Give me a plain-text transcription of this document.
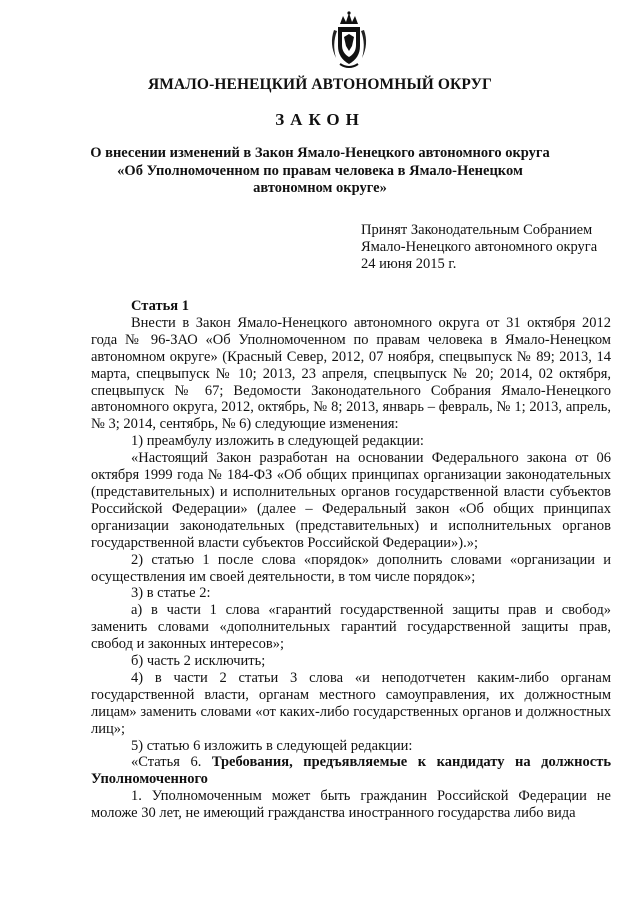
ЯМАЛО-НЕНЕЦКИЙ АВТОНОМНЫЙ ОКРУГ
ЗАКОН
О внесении изменений в Закон Ямало-Ненецкого автономного округа
«Об Уполномоченном по правам человека в Ямало-Ненецком
автономном округе»
Принят Законодательным Собранием
Ямало-Ненецкого автономного округа
24 июня 2015 г.
Статья 1
Внести в Закон Ямало-Ненецкого автономного округа от 31 октября 2012 года № 96-ЗАО «Об Уполномоченном по правам человека в Ямало-Ненецком автономном округе» (Красный Север, 2012, 07 ноября, спецвыпуск № 89; 2013, 14 марта, спецвыпуск № 10; 2013, 23 апреля, спецвыпуск № 20; 2014, 02 октября, спецвыпуск № 67; Ведомости Законодательного Собрания Ямало-Ненецкого автономного округа, 2012, октябрь, № 8; 2013, январь – февраль, № 1; 2013, апрель, № 3; 2014, сентябрь, № 6) следующие изменения:
1) преамбулу изложить в следующей редакции:
«Настоящий Закон разработан на основании Федерального закона от 06 октября 1999 года № 184-ФЗ «Об общих принципах организации законодательных (представительных) и исполнительных органов государственной власти субъектов Российской Федерации» (далее – Федеральный закон «Об общих принципах организации законодательных (представительных) и исполнительных органов государственной власти субъектов Российской Федерации»).»;
2) статью 1 после слова «порядок» дополнить словами «организации и осуществления им своей деятельности, в том числе порядок»;
3) в статье 2:
а) в части 1 слова «гарантий государственной защиты прав и свобод» заменить словами «дополнительных гарантий государственной защиты прав, свобод и законных интересов»;
б) часть 2 исключить;
4) в части 2 статьи 3 слова «и неподотчетен каким-либо органам государственной власти, органам местного самоуправления, их должностным лицам» заменить словами «от каких-либо государственных органов и должностных лиц»;
5) статью 6 изложить в следующей редакции:
«Статья 6. Требования, предъявляемые к кандидату на должность Уполномоченного
1. Уполномоченным может быть гражданин Российской Федерации не моложе 30 лет, не имеющий гражданства иностранного государства либо вида
